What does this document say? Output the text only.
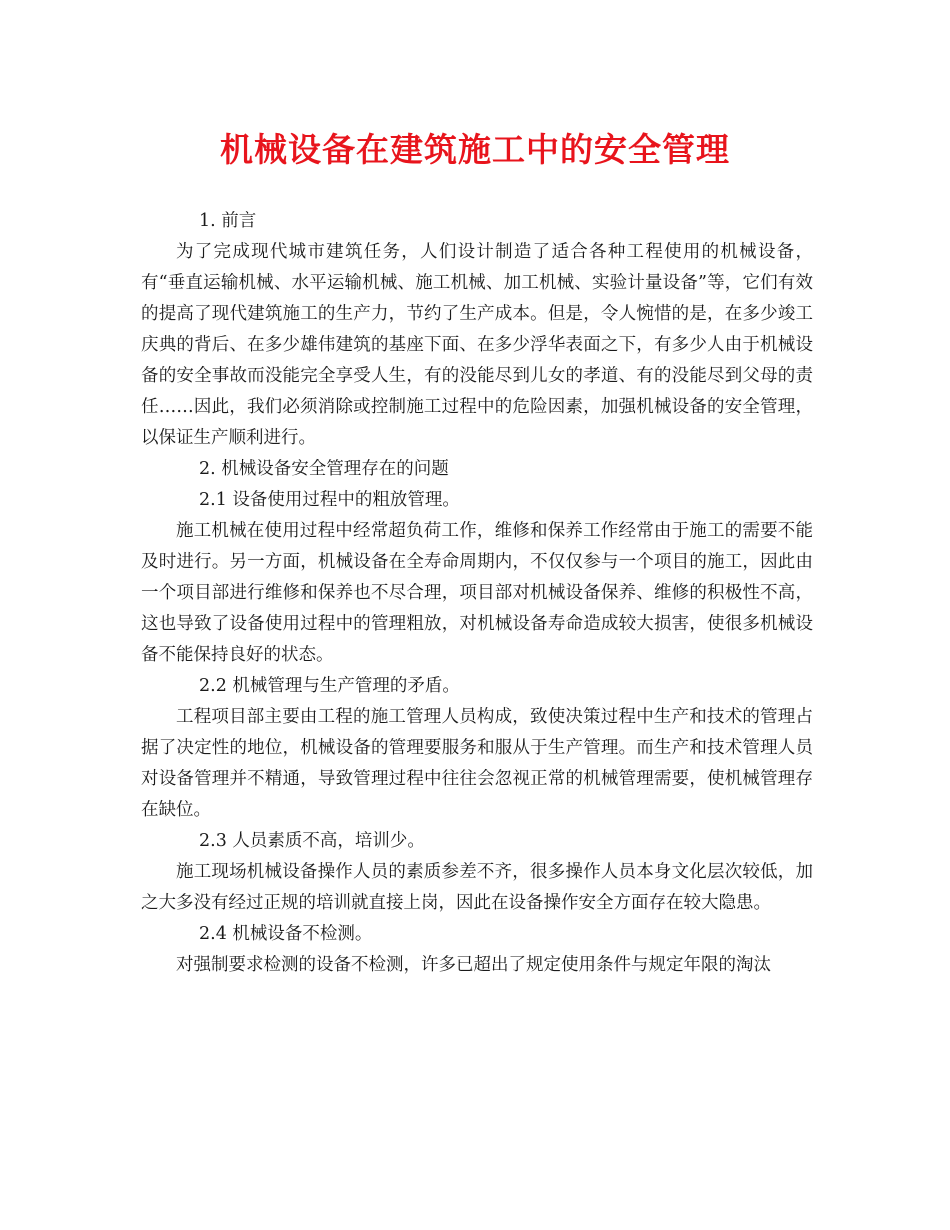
机械设备在建筑施工中的安全管理

1. 前言

为了完成现代城市建筑任务，人们设计制造了适合各种工程使用的机械设备，有“垂直运输机械、水平运输机械、施工机械、加工机械、实验计量设备”等，它们有效的提高了现代建筑施工的生产力，节约了生产成本。但是，令人惋惜的是，在多少竣工庆典的背后、在多少雄伟建筑的基座下面、在多少浮华表面之下，有多少人由于机械设备的安全事故而没能完全享受人生，有的没能尽到儿女的孝道、有的没能尽到父母的责任……因此，我们必须消除或控制施工过程中的危险因素，加强机械设备的安全管理，以保证生产顺利进行。

2. 机械设备安全管理存在的问题

2.1 设备使用过程中的粗放管理。

施工机械在使用过程中经常超负荷工作，维修和保养工作经常由于施工的需要不能及时进行。另一方面，机械设备在全寿命周期内，不仅仅参与一个项目的施工，因此由一个项目部进行维修和保养也不尽合理，项目部对机械设备保养、维修的积极性不高，这也导致了设备使用过程中的管理粗放，对机械设备寿命造成较大损害，使很多机械设备不能保持良好的状态。

2.2 机械管理与生产管理的矛盾。

工程项目部主要由工程的施工管理人员构成，致使决策过程中生产和技术的管理占据了决定性的地位，机械设备的管理要服务和服从于生产管理。而生产和技术管理人员对设备管理并不精通，导致管理过程中往往会忽视正常的机械管理需要，使机械管理存在缺位。

2.3 人员素质不高，培训少。

施工现场机械设备操作人员的素质参差不齐，很多操作人员本身文化层次较低，加之大多没有经过正规的培训就直接上岗，因此在设备操作安全方面存在较大隐患。

2.4 机械设备不检测。

对强制要求检测的设备不检测，许多已超出了规定使用条件与规定年限的淘汰
